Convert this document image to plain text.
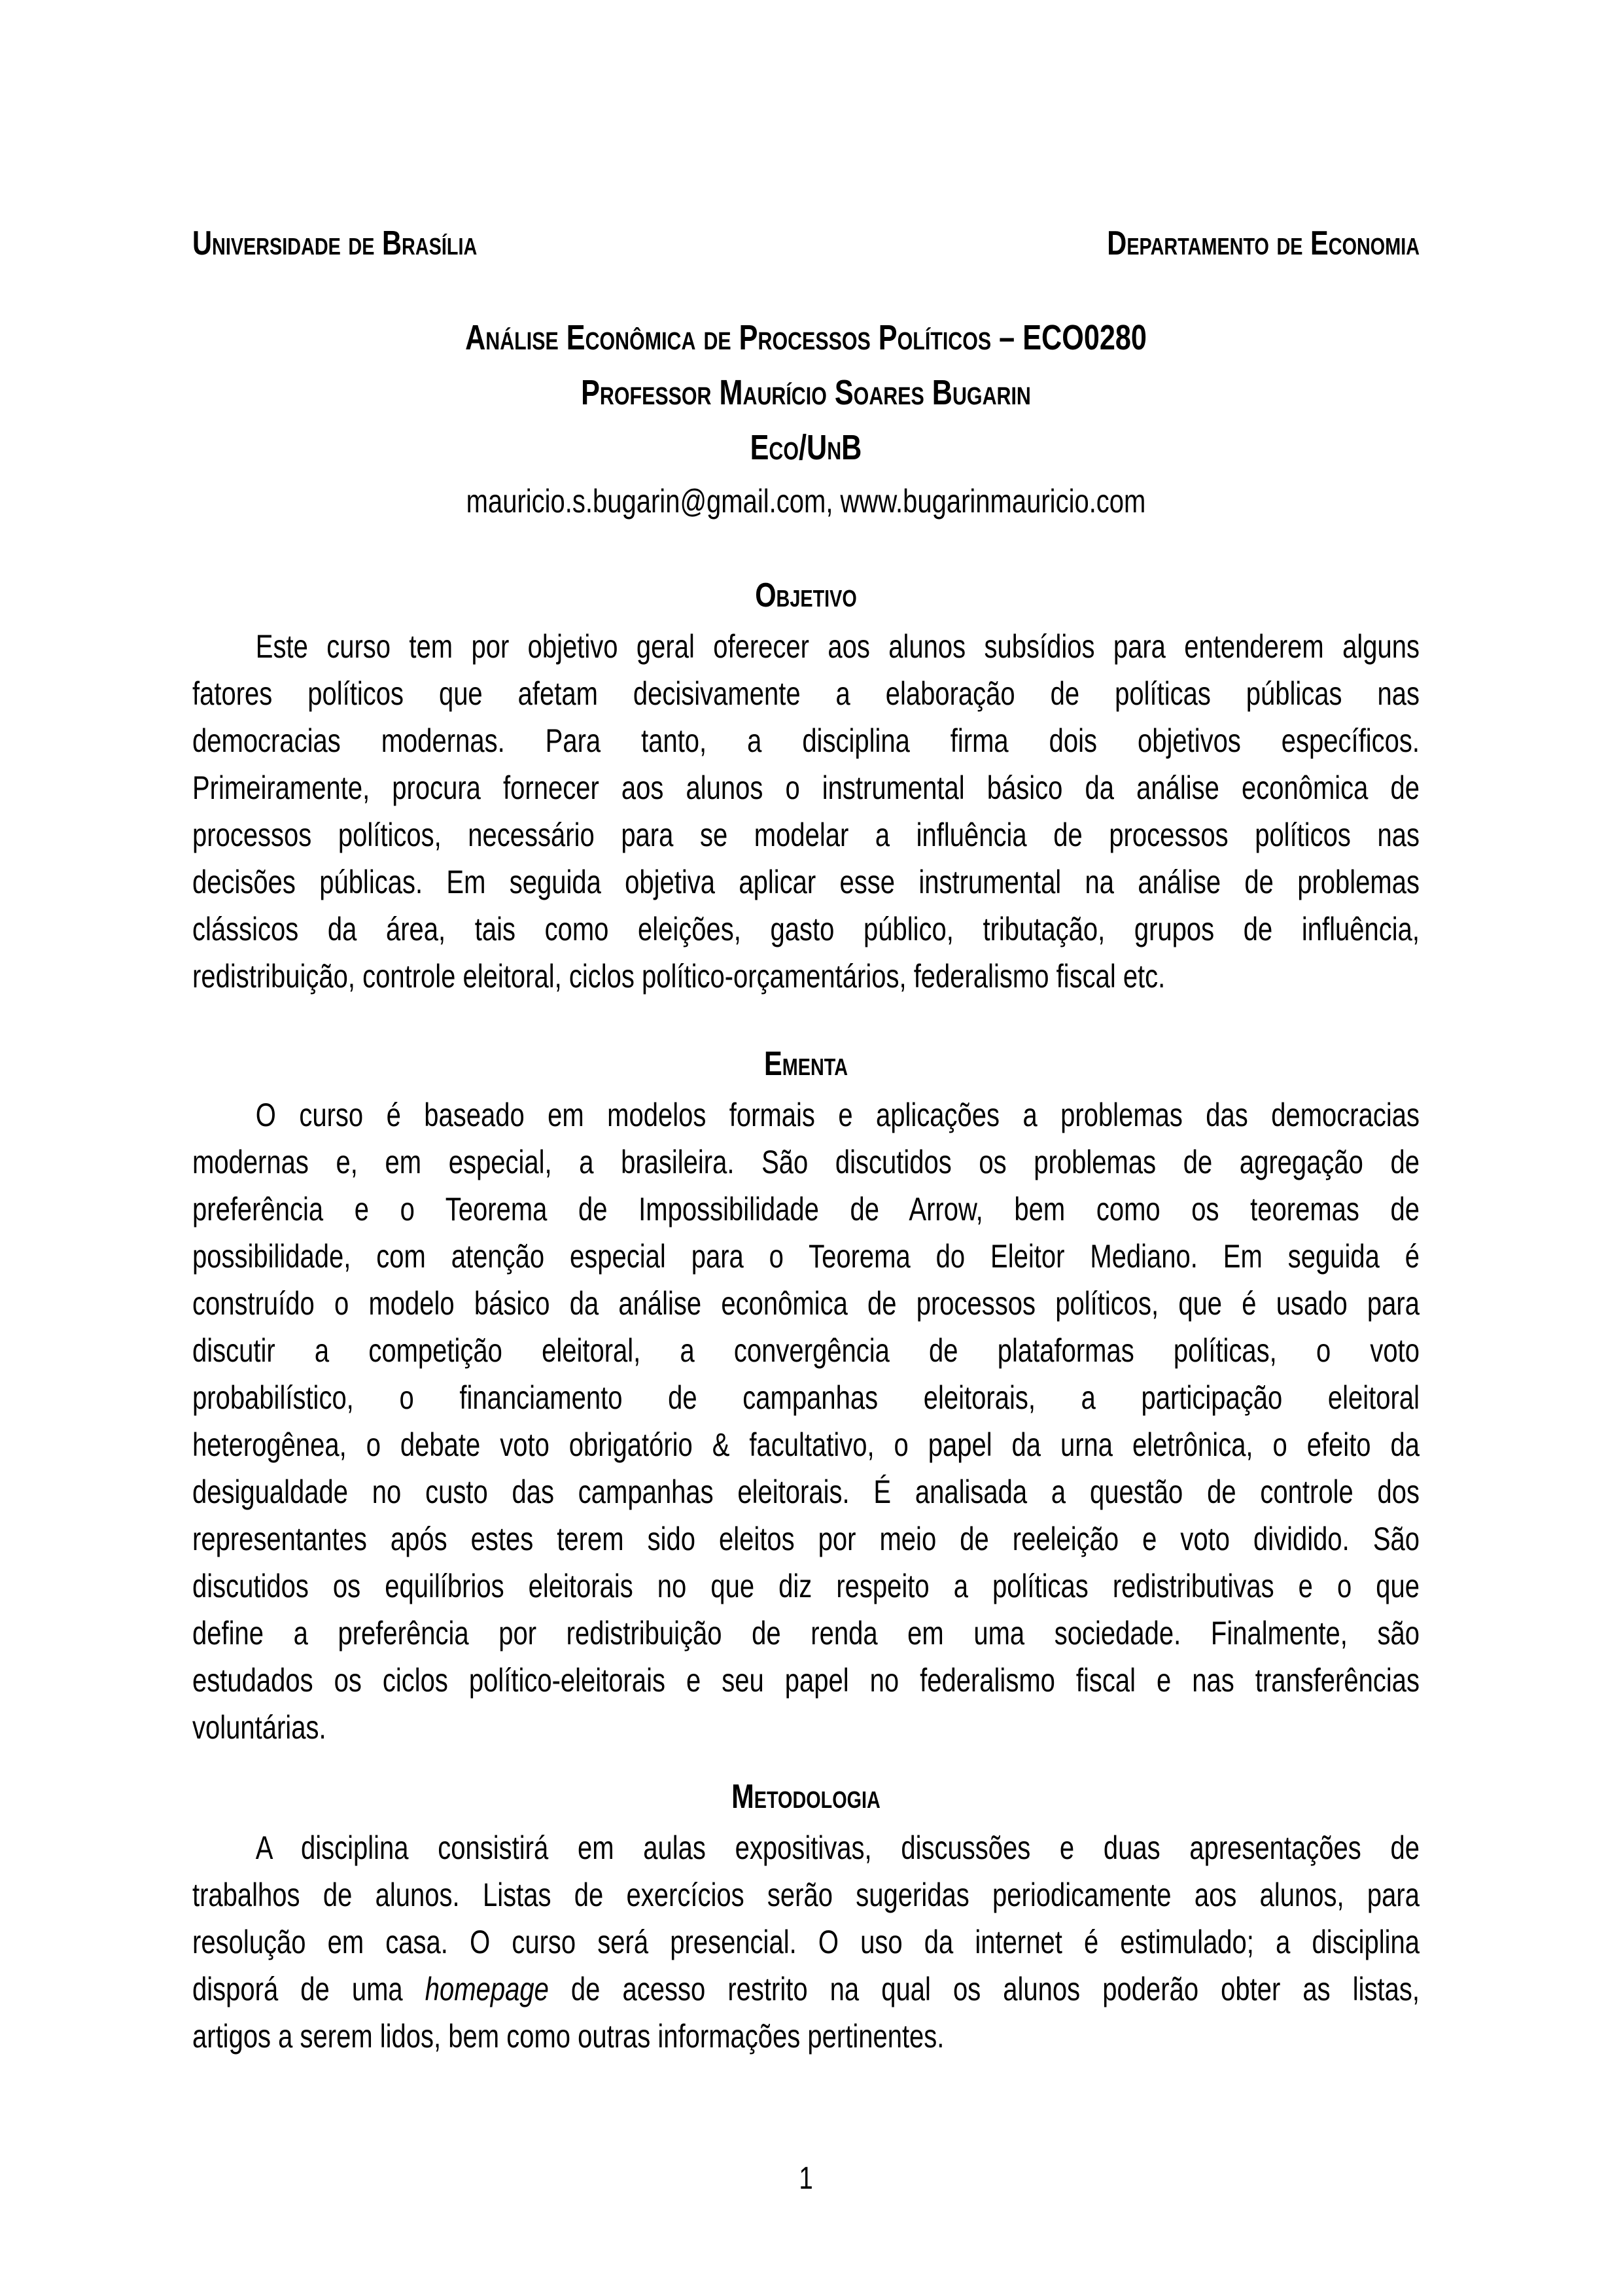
Universidade de Brasília	Departamento de Economia
Análise Econômica de Processos Políticos – ECO0280
Professor Maurício Soares Bugarin
Eco/UnB
mauricio.s.bugarin@gmail.com, www.bugarinmauricio.com
Objetivo
Este curso tem por objetivo geral oferecer aos alunos subsídios para entenderem alguns
fatores políticos que afetam decisivamente a elaboração de políticas públicas nas
democracias modernas. Para tanto, a disciplina firma dois objetivos específicos.
Primeiramente, procura fornecer aos alunos o instrumental básico da análise econômica de
processos políticos, necessário para se modelar a influência de processos políticos nas
decisões públicas. Em seguida objetiva aplicar esse instrumental na análise de problemas
clássicos da área, tais como eleições, gasto público, tributação, grupos de influência,
redistribuição, controle eleitoral, ciclos político-orçamentários, federalismo fiscal etc.
Ementa
O curso é baseado em modelos formais e aplicações a problemas das democracias
modernas e, em especial, a brasileira. São discutidos os problemas de agregação de
preferência e o Teorema de Impossibilidade de Arrow, bem como os teoremas de
possibilidade, com atenção especial para o Teorema do Eleitor Mediano. Em seguida é
construído o modelo básico da análise econômica de processos políticos, que é usado para
discutir a competição eleitoral, a convergência de plataformas políticas, o voto
probabilístico, o financiamento de campanhas eleitorais, a participação eleitoral
heterogênea, o debate voto obrigatório & facultativo, o papel da urna eletrônica, o efeito da
desigualdade no custo das campanhas eleitorais. É analisada a questão de controle dos
representantes após estes terem sido eleitos por meio de reeleição e voto dividido. São
discutidos os equilíbrios eleitorais no que diz respeito a políticas redistributivas e o que
define a preferência por redistribuição de renda em uma sociedade. Finalmente, são
estudados os ciclos político-eleitorais e seu papel no federalismo fiscal e nas transferências
voluntárias.
Metodologia
A disciplina consistirá em aulas expositivas, discussões e duas apresentações de
trabalhos de alunos. Listas de exercícios serão sugeridas periodicamente aos alunos, para
resolução em casa. O curso será presencial. O uso da internet é estimulado; a disciplina
disporá de uma homepage de acesso restrito na qual os alunos poderão obter as listas,
artigos a serem lidos, bem como outras informações pertinentes.
1
